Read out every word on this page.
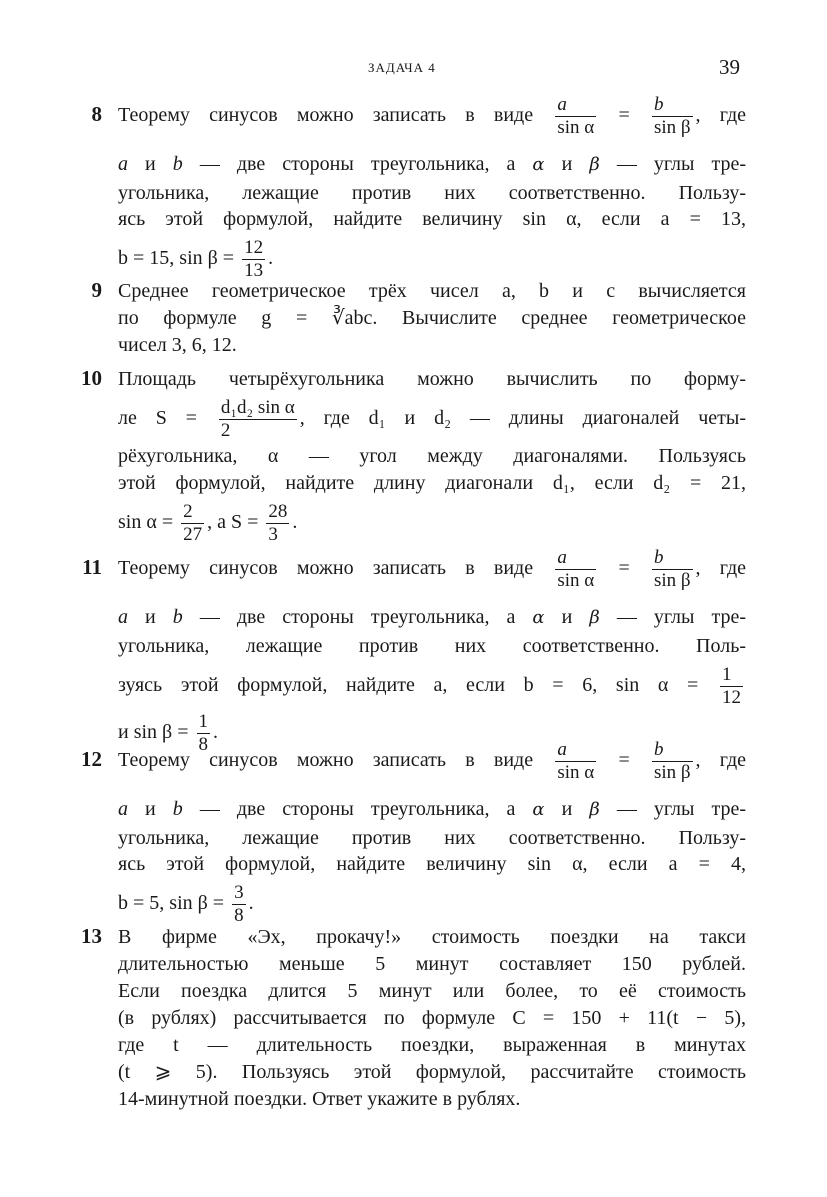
ЗАДАЧА 4	39
8 Теорему синусов можно записать в виде $\frac{a}{\text{sin α}} = \frac{b}{\text{sin β}}$ , где
a и b — две стороны треугольника, а α и β — углы тре-
угольника, лежащие против них соответственно. Пользу-
ясь этой формулой, найдите величину sin α, если a = 13,
b = 15, $\sin \beta = \frac{12}{13}$ .
9 Среднее геометрическое трёх чисел a, b и c вычисляется
по формуле g = ∛abc. Вычислите среднее геометрическое
чисел 3, 6, 12.
10 Площадь четырёхугольника можно вычислить по форму-
ле $S = \frac{\text{d₁d₂ sin α}}{2}$ , где d₁ и d₂ — длины диагоналей четы-
рёхугольника, α — угол между диагоналями. Пользуясь
этой формулой, найдите длину диагонали d₁, если d₂ = 21,
$\sin \alpha = \frac{2}{27}$ , а $S = \frac{28}{3}$ .
11 Теорему синусов можно записать в виде $\frac{a}{\text{sin α}} = \frac{b}{\text{sin β}}$ , где
a и b — две стороны треугольника, а α и β — углы тре-
угольника, лежащие против них соответственно. Поль-
зуясь этой формулой, найдите a, если b = 6, $\sin \alpha = \frac{1}{12}$
и $\sin \beta = \frac{1}{8}$ .
12 Теорему синусов можно записать в виде $\frac{a}{\text{sin α}} = \frac{b}{\text{sin β}}$ , где
a и b — две стороны треугольника, а α и β — углы тре-
угольника, лежащие против них соответственно. Пользу-
ясь этой формулой, найдите величину sin α, если a = 4,
b = 5, $\sin \beta = \frac{3}{8}$ .
13 В фирме «Эх, прокачу!» стоимость поездки на такси
длительностью меньше 5 минут составляет 150 рублей.
Если поездка длится 5 минут или более, то её стоимость
(в рублях) рассчитывается по формуле C = 150 + 11(t − 5),
где t — длительность поездки, выраженная в минутах
(t ⩾ 5). Пользуясь этой формулой, рассчитайте стоимость
14-минутной поездки. Ответ укажите в рублях.
